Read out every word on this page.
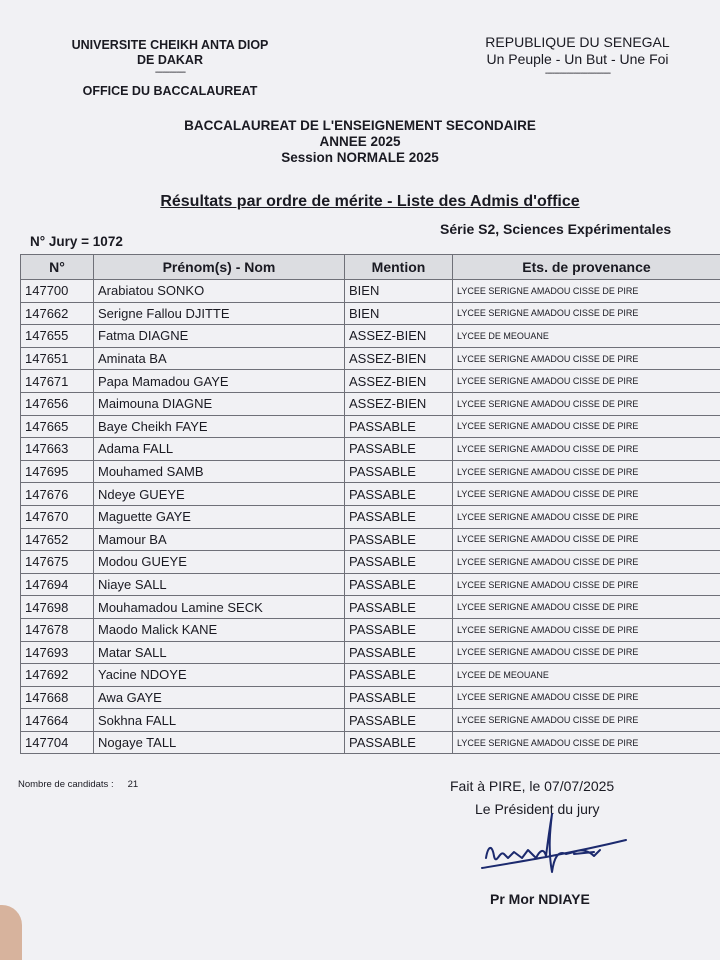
UNIVERSITE CHEIKH ANTA DIOP
DE DAKAR
-------------
OFFICE DU BACCALAUREAT
REPUBLIQUE DU SENEGAL
Un Peuple - Un But - Une Foi
----------------------------
BACCALAUREAT DE L'ENSEIGNEMENT SECONDAIRE
ANNEE 2025
Session NORMALE 2025
Résultats par ordre de mérite - Liste des Admis d'office
N° Jury = 1072
Série S2, Sciences Expérimentales
N°	Prénom(s) - Nom	Mention	Ets. de provenance
147700	Arabiatou SONKO	BIEN	LYCEE SERIGNE AMADOU CISSE DE PIRE
147662	Serigne Fallou DJITTE	BIEN	LYCEE SERIGNE AMADOU CISSE DE PIRE
147655	Fatma DIAGNE	ASSEZ-BIEN	LYCEE DE MEOUANE
147651	Aminata BA	ASSEZ-BIEN	LYCEE SERIGNE AMADOU CISSE DE PIRE
147671	Papa Mamadou GAYE	ASSEZ-BIEN	LYCEE SERIGNE AMADOU CISSE DE PIRE
147656	Maimouna DIAGNE	ASSEZ-BIEN	LYCEE SERIGNE AMADOU CISSE DE PIRE
147665	Baye Cheikh FAYE	PASSABLE	LYCEE SERIGNE AMADOU CISSE DE PIRE
147663	Adama FALL	PASSABLE	LYCEE SERIGNE AMADOU CISSE DE PIRE
147695	Mouhamed SAMB	PASSABLE	LYCEE SERIGNE AMADOU CISSE DE PIRE
147676	Ndeye GUEYE	PASSABLE	LYCEE SERIGNE AMADOU CISSE DE PIRE
147670	Maguette GAYE	PASSABLE	LYCEE SERIGNE AMADOU CISSE DE PIRE
147652	Mamour BA	PASSABLE	LYCEE SERIGNE AMADOU CISSE DE PIRE
147675	Modou GUEYE	PASSABLE	LYCEE SERIGNE AMADOU CISSE DE PIRE
147694	Niaye SALL	PASSABLE	LYCEE SERIGNE AMADOU CISSE DE PIRE
147698	Mouhamadou Lamine SECK	PASSABLE	LYCEE SERIGNE AMADOU CISSE DE PIRE
147678	Maodo Malick KANE	PASSABLE	LYCEE SERIGNE AMADOU CISSE DE PIRE
147693	Matar SALL	PASSABLE	LYCEE SERIGNE AMADOU CISSE DE PIRE
147692	Yacine NDOYE	PASSABLE	LYCEE DE MEOUANE
147668	Awa GAYE	PASSABLE	LYCEE SERIGNE AMADOU CISSE DE PIRE
147664	Sokhna FALL	PASSABLE	LYCEE SERIGNE AMADOU CISSE DE PIRE
147704	Nogaye TALL	PASSABLE	LYCEE SERIGNE AMADOU CISSE DE PIRE
Nombre de candidats : 21	Fait à PIRE, le 07/07/2025
Le Président du jury
Pr Mor NDIAYE
